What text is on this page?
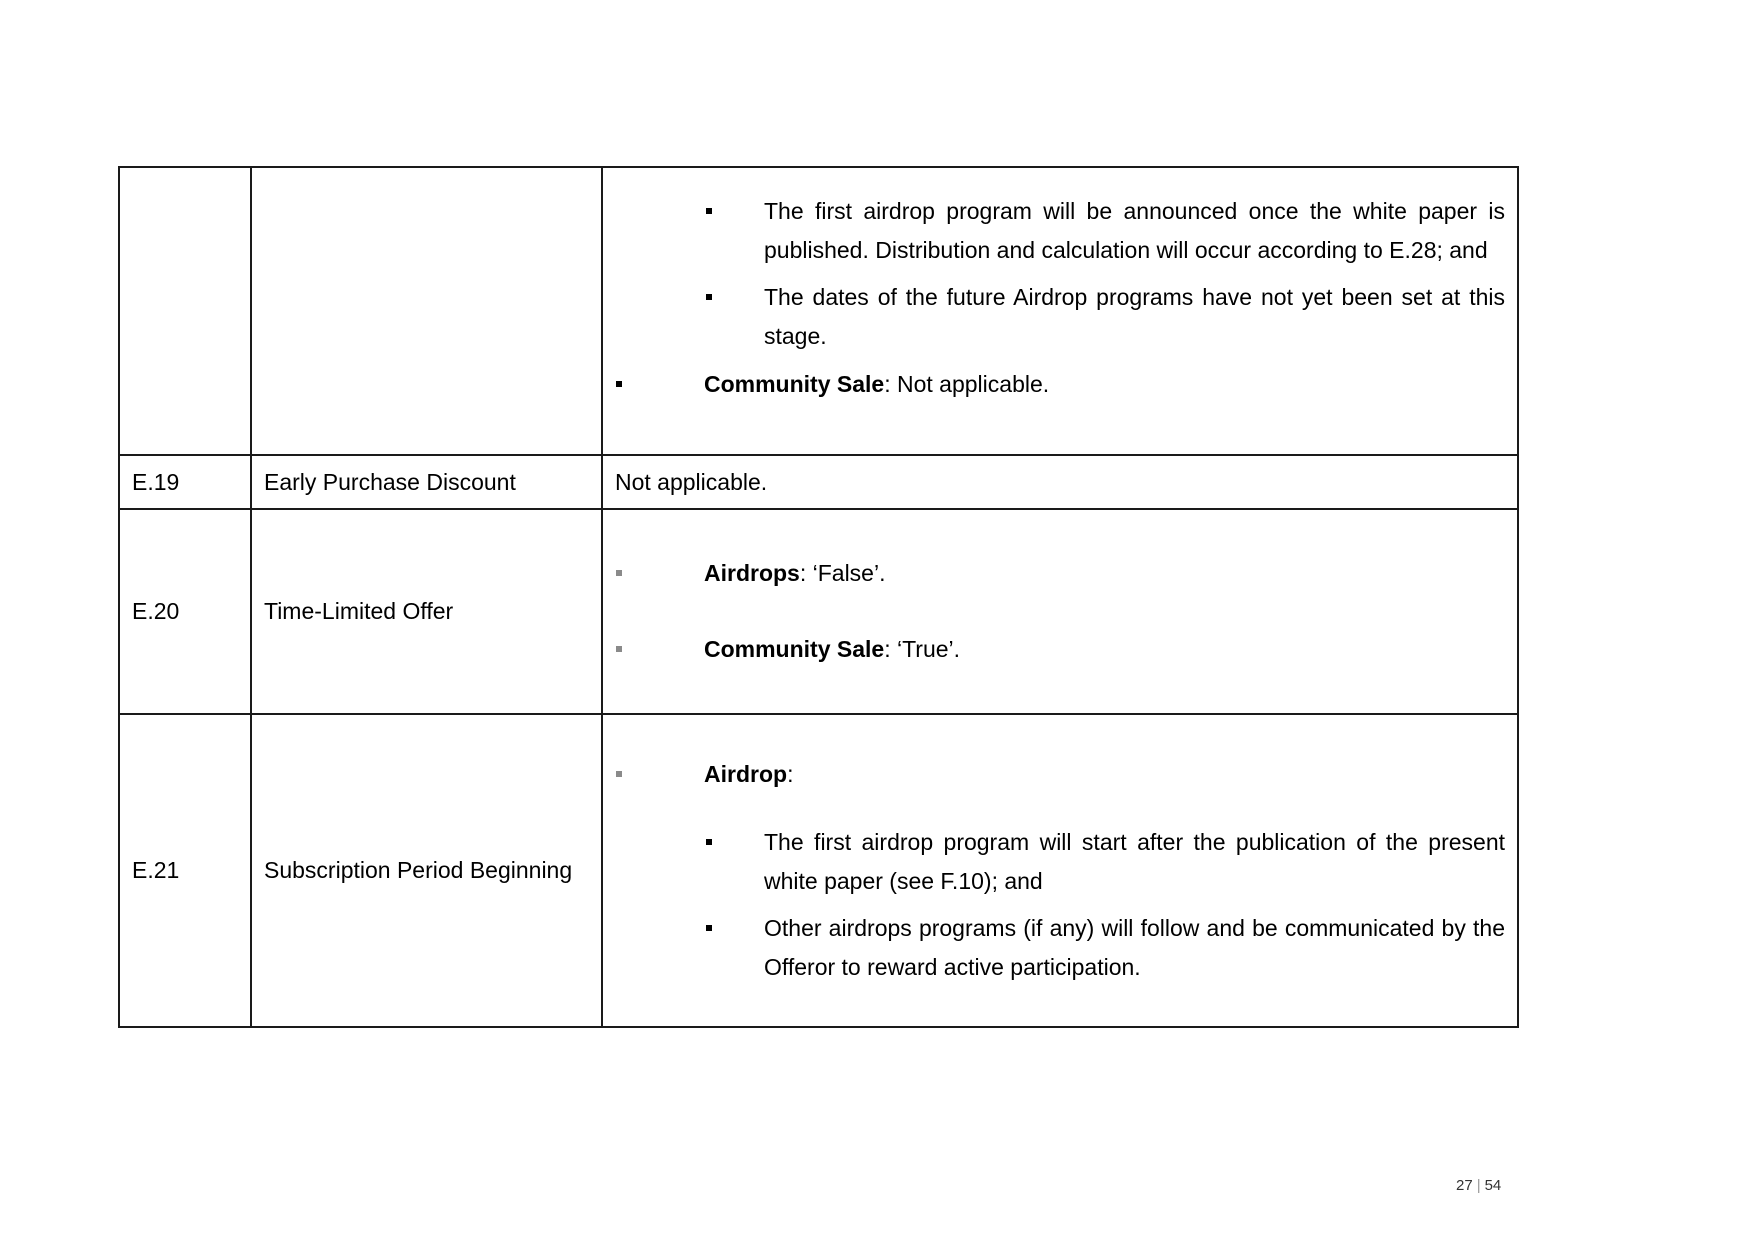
		The first airdrop program will be announced once the white paper is published. Distribution and calculation will occur according to E.28; and
The dates of the future Airdrop programs have not yet been set at this stage.
Community Sale: Not applicable.

E.19	Early Purchase Discount	Not applicable.
E.20	Time-Limited Offer	Airdrops: ‘False’.
Community Sale: ‘True’.

E.21	Subscription Period Beginning	Airdrop:
The first airdrop program will start after the publication of the present white paper (see F.10); and
Other airdrops programs (if any) will follow and be communicated by the Offeror to reward active participation.
27 | 54
